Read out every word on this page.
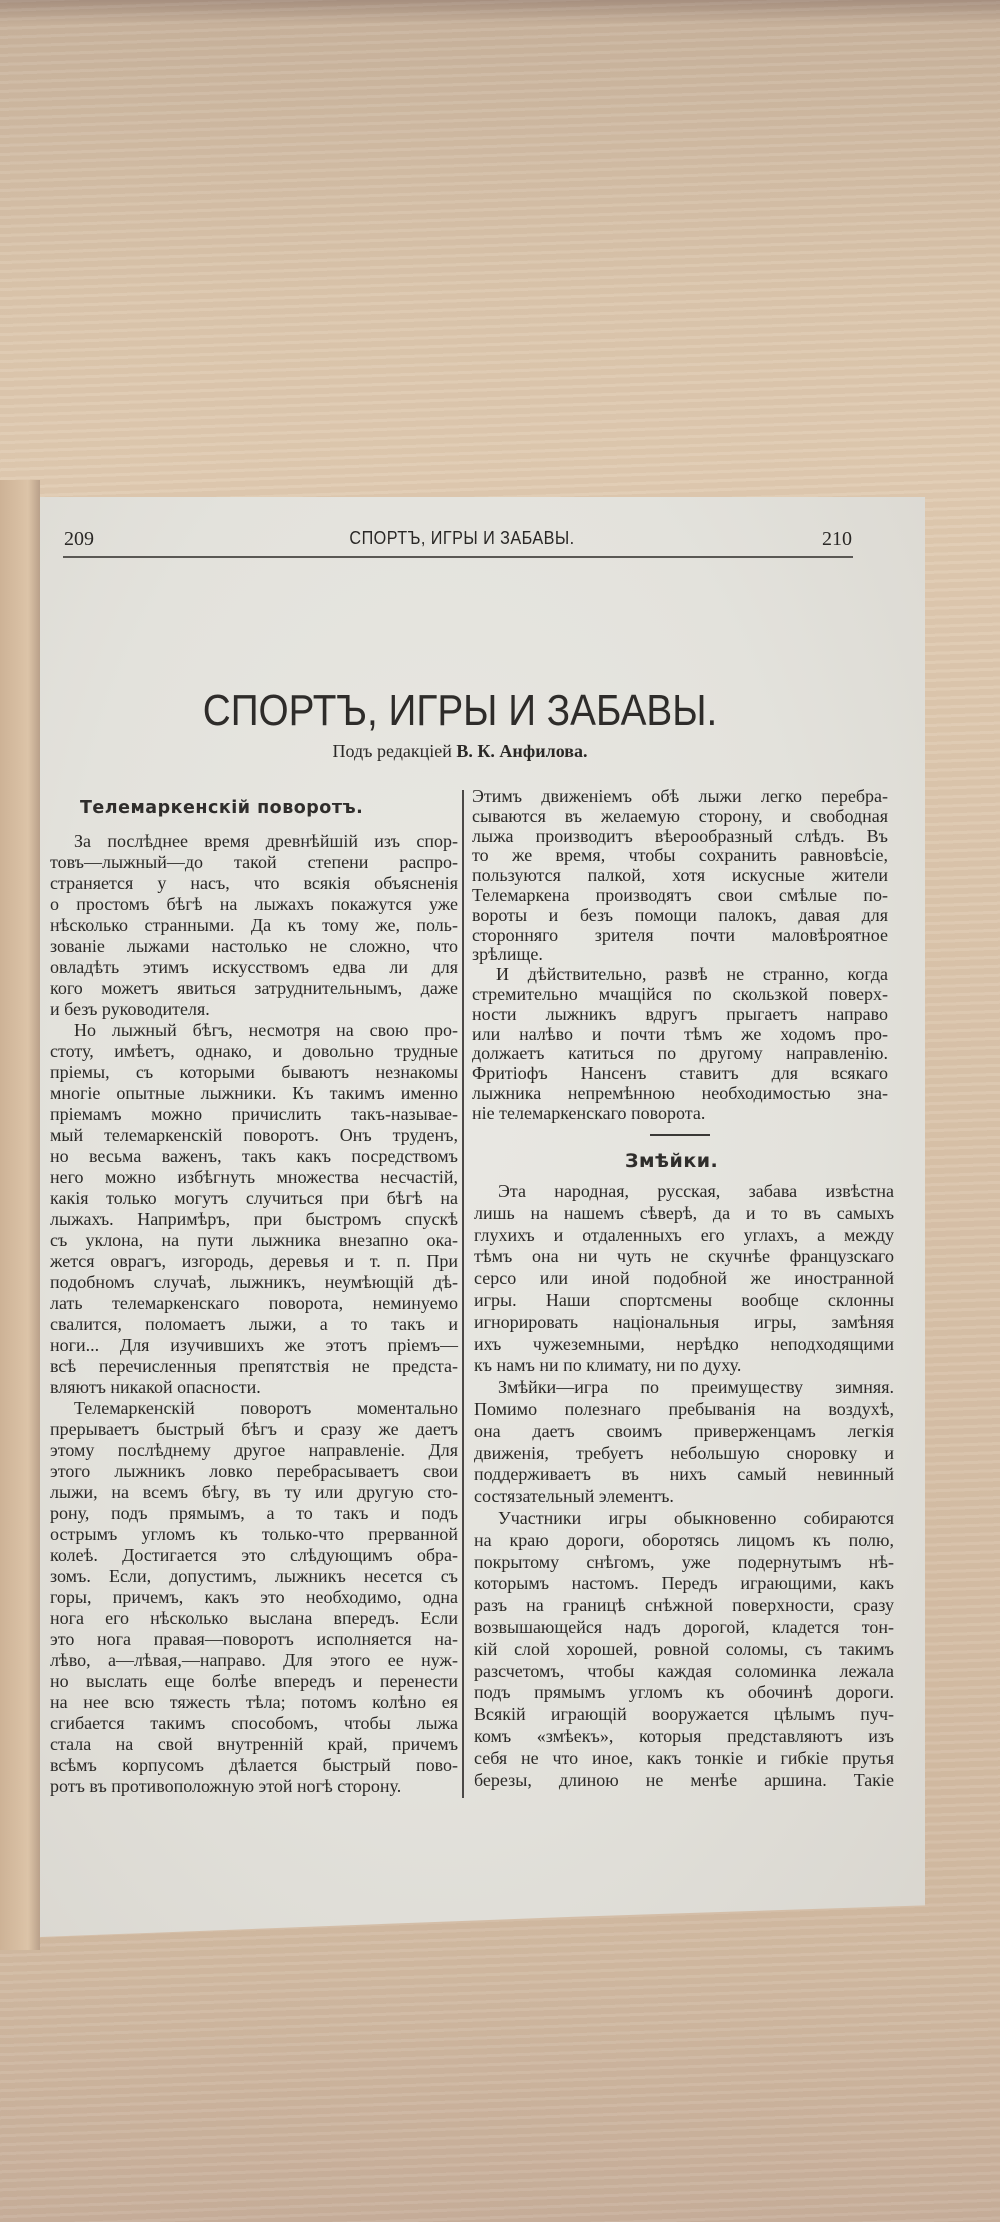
209	СПОРТЪ, ИГРЫ И ЗАБАВЫ.	210
СПОРТЪ, ИГРЫ И ЗАБАВЫ.
Подъ редакціей В. К. Анфилова.
Телемаркенскій поворотъ.
За послѣднее время древнѣйшій изъ спор-
товъ—лыжный—до такой степени распро-
страняется у насъ, что всякія объясненія
о простомъ бѣгѣ на лыжахъ покажутся уже
нѣсколько странными. Да къ тому же, поль-
зованіе лыжами настолько не сложно, что
овладѣть этимъ искусствомъ едва ли для
кого можетъ явиться затруднительнымъ, даже
и безъ руководителя.
Но лыжный бѣгъ, несмотря на свою про-
стоту, имѣетъ, однако, и довольно трудные
пріемы, съ которыми бываютъ незнакомы
многіе опытные лыжники. Къ такимъ именно
пріемамъ можно причислить такъ-называе-
мый телемаркенскій поворотъ. Онъ труденъ,
но весьма важенъ, такъ какъ посредствомъ
него можно избѣгнуть множества несчастій,
какія только могутъ случиться при бѣгѣ на
лыжахъ. Напримѣръ, при быстромъ спускѣ
съ уклона, на пути лыжника внезапно ока-
жется оврагъ, изгородь, деревья и т. п. При
подобномъ случаѣ, лыжникъ, неумѣющій дѣ-
лать телемаркенскаго поворота, неминуемо
свалится, поломаетъ лыжи, а то такъ и
ноги... Для изучившихъ же этотъ пріемъ—
всѣ перечисленныя препятствія не предста-
вляютъ никакой опасности.
Телемаркенскій поворотъ моментально
прерываетъ быстрый бѣгъ и сразу же даетъ
этому послѣднему другое направленіе. Для
этого лыжникъ ловко перебрасываетъ свои
лыжи, на всемъ бѣгу, въ ту или другую сто-
рону, подъ прямымъ, а то такъ и подъ
острымъ угломъ къ только-что прерванной
колеѣ. Достигается это слѣдующимъ обра-
зомъ. Если, допустимъ, лыжникъ несется съ
горы, причемъ, какъ это необходимо, одна
нога его нѣсколько выслана впередъ. Если
это нога правая—поворотъ исполняется на-
лѣво, а—лѣвая,—направо. Для этого ее нуж-
но выслать еще болѣе впередъ и перенести
на нее всю тяжесть тѣла; потомъ колѣно ея
сгибается такимъ способомъ, чтобы лыжа
стала на свой внутренній край, причемъ
всѣмъ корпусомъ дѣлается быстрый пово-
ротъ въ противоположную этой ногѣ сторону.
Этимъ движеніемъ обѣ лыжи легко перебра-
сываются въ желаемую сторону, и свободная
лыжа производитъ вѣерообразный слѣдъ. Въ
то же время, чтобы сохранить равновѣсіе,
пользуются палкой, хотя искусные жители
Телемаркена производятъ свои смѣлые по-
вороты и безъ помощи палокъ, давая для
сторонняго зрителя почти маловѣроятное
зрѣлище.
И дѣйствительно, развѣ не странно, когда
стремительно мчащійся по скользкой поверх-
ности лыжникъ вдругъ прыгаетъ направо
или налѣво и почти тѣмъ же ходомъ про-
должаетъ катиться по другому направленію.
Фритіофъ Нансенъ ставитъ для всякаго
лыжника непремѣнною необходимостью зна-
ніе телемаркенскаго поворота.
Змѣйки.
Эта народная, русская, забава извѣстна
лишь на нашемъ сѣверѣ, да и то въ самыхъ
глухихъ и отдаленныхъ его углахъ, а между
тѣмъ она ни чуть не скучнѣе французскаго
серсо или иной подобной же иностранной
игры. Наши спортсмены вообще склонны
игнорировать національныя игры, замѣняя
ихъ чужеземными, нерѣдко неподходящими
къ намъ ни по климату, ни по духу.
Змѣйки—игра по преимуществу зимняя.
Помимо полезнаго пребыванія на воздухѣ,
она даетъ своимъ приверженцамъ легкія
движенія, требуетъ небольшую сноровку и
поддерживаетъ въ нихъ самый невинный
состязательный элементъ.
Участники игры обыкновенно собираются
на краю дороги, оборотясь лицомъ къ полю,
покрытому снѣгомъ, уже подернутымъ нѣ-
которымъ настомъ. Передъ играющими, какъ
разъ на границѣ снѣжной поверхности, сразу
возвышающейся надъ дорогой, кладется тон-
кій слой хорошей, ровной соломы, съ такимъ
разсчетомъ, чтобы каждая соломинка лежала
подъ прямымъ угломъ къ обочинѣ дороги.
Всякій играющій вооружается цѣлымъ пуч-
комъ «змѣекъ», которыя представляютъ изъ
себя не что иное, какъ тонкіе и гибкіе прутья
березы, длиною не менѣе аршина. Такіе
